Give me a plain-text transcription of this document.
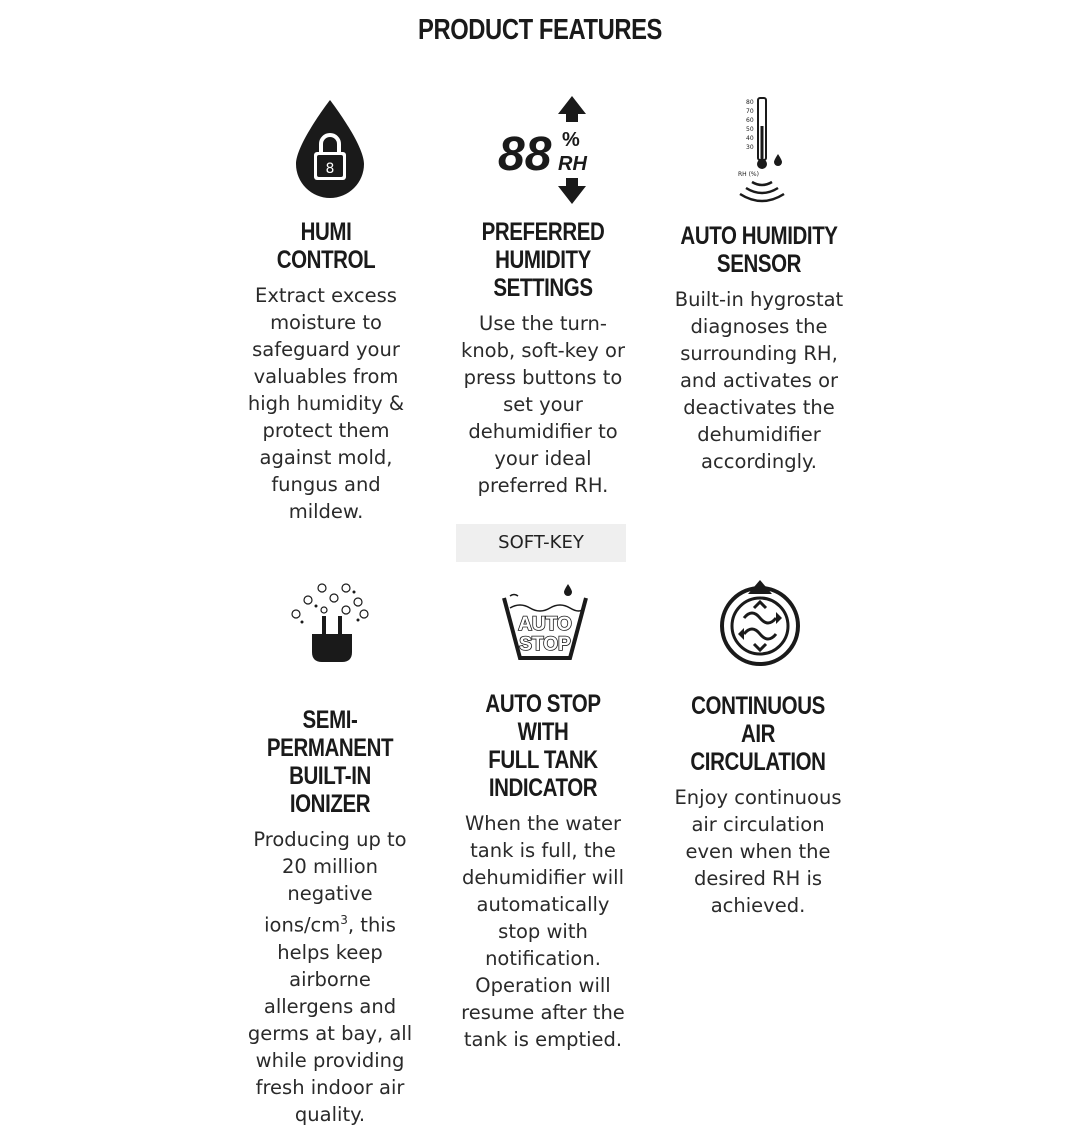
PRODUCT FEATURES
8
HUMI
CONTROL
Extract excess
moisture to
safeguard your
valuables from
high humidity &
protect them
against mold,
fungus and
mildew.
88 %
RH
PREFERRED
HUMIDITY
SETTINGS
Use the turn-
knob, soft-key or
press buttons to
set your
dehumidifier to
your ideal
preferred RH.
SOFT-KEY
80
70
60
50
40
30
RH (%)
AUTO HUMIDITY
SENSOR
Built-in hygrostat
diagnoses the
surrounding RH,
and activates or
deactivates the
dehumidifier
accordingly.
SEMI-
PERMANENT
BUILT-IN IONIZER
Producing up to
20 million
negative
ions/$cm^3$, this
helps keep
airborne
allergens and
germs at bay, all
while providing
fresh indoor air
quality.
AUTO
STOP
AUTO STOP WITH
FULL TANK
INDICATOR
When the water
tank is full, the
dehumidifier will
automatically
stop with
notification.
Operation will
resume after the
tank is emptied.
CONTINUOUS AIR
CIRCULATION
Enjoy continuous
air circulation
even when the
desired RH is
achieved.
